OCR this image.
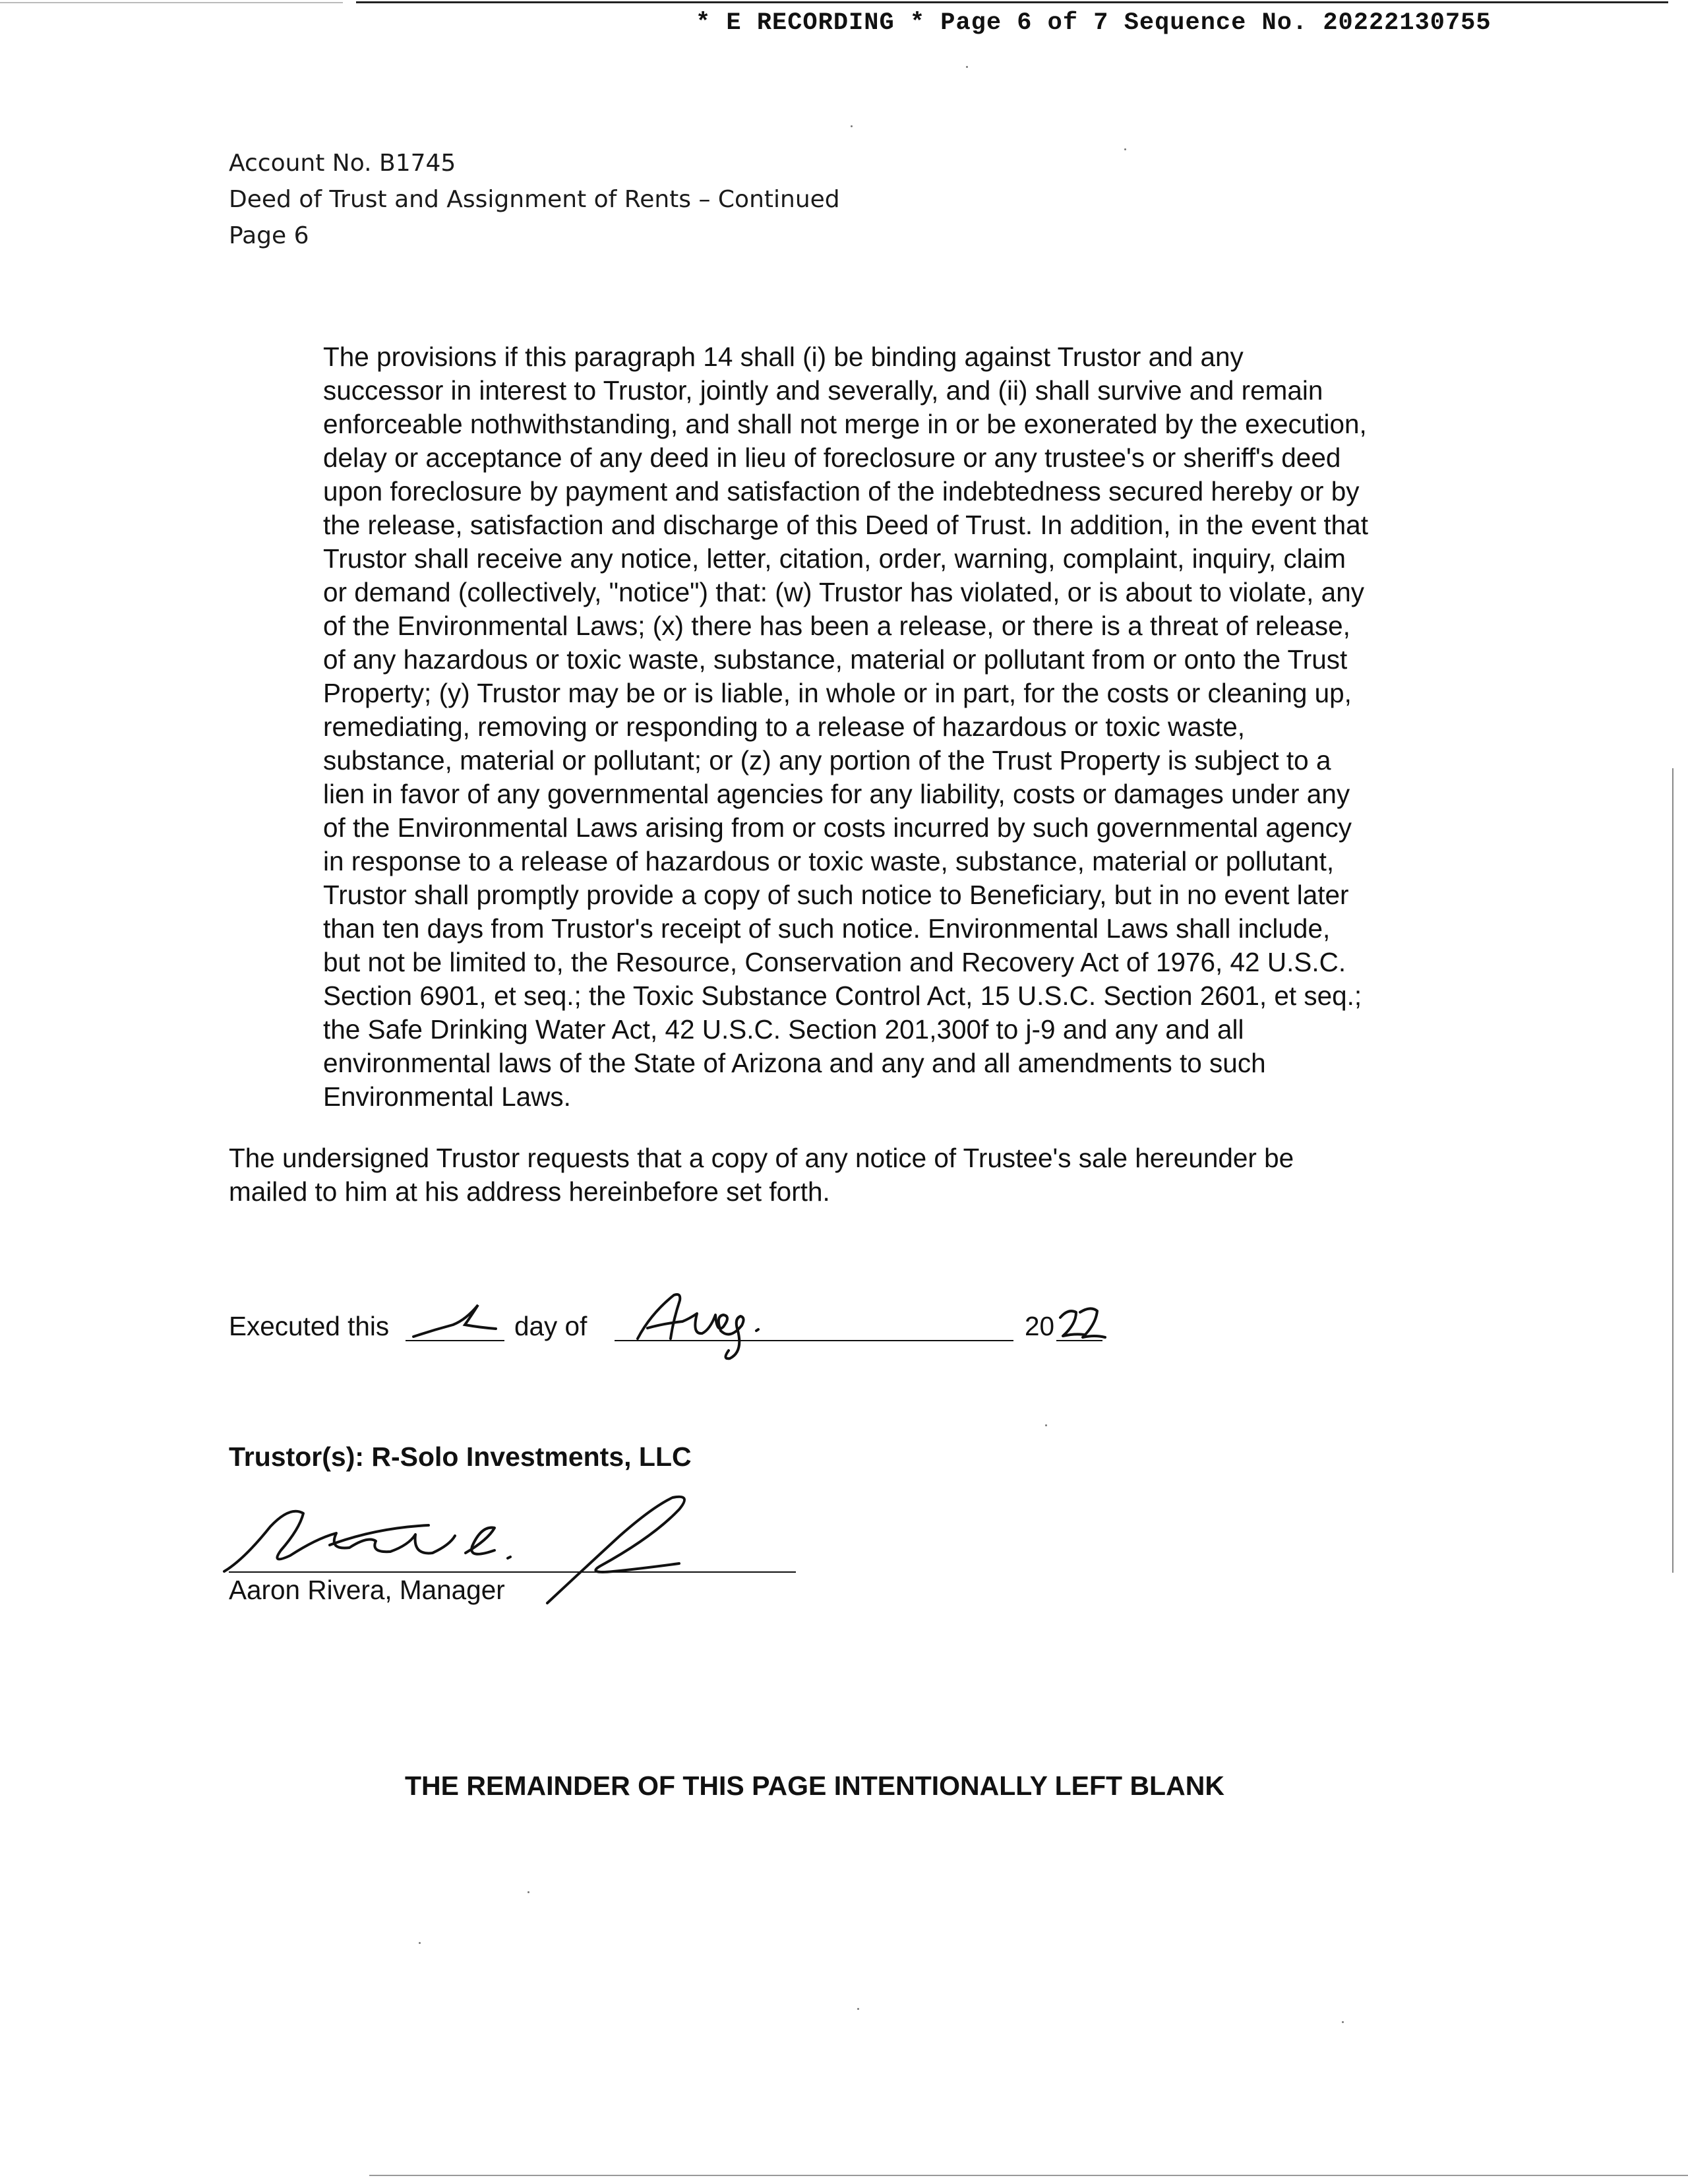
* E RECORDING * Page 6 of 7 Sequence No. 20222130755
Account No. B1745
Deed of Trust and Assignment of Rents – Continued
Page 6
The provisions if this paragraph 14 shall (i) be binding against Trustor and any
successor in interest to Trustor, jointly and severally, and (ii) shall survive and remain
enforceable nothwithstanding, and shall not merge in or be exonerated by the execution,
delay or acceptance of any deed in lieu of foreclosure or any trustee's or sheriff's deed
upon foreclosure by payment and satisfaction of the indebtedness secured hereby or by
the release, satisfaction and discharge of this Deed of Trust. In addition, in the event that
Trustor shall receive any notice, letter, citation, order, warning, complaint, inquiry, claim
or demand (collectively, "notice") that: (w) Trustor has violated, or is about to violate, any
of the Environmental Laws; (x) there has been a release, or there is a threat of release,
of any hazardous or toxic waste, substance, material or pollutant from or onto the Trust
Property; (y) Trustor may be or is liable, in whole or in part, for the costs or cleaning up,
remediating, removing or responding to a release of hazardous or toxic waste,
substance, material or pollutant; or (z) any portion of the Trust Property is subject to a
lien in favor of any governmental agencies for any liability, costs or damages under any
of the Environmental Laws arising from or costs incurred by such governmental agency
in response to a release of hazardous or toxic waste, substance, material or pollutant,
Trustor shall promptly provide a copy of such notice to Beneficiary, but in no event later
than ten days from Trustor's receipt of such notice. Environmental Laws shall include,
but not be limited to, the Resource, Conservation and Recovery Act of 1976, 42 U.S.C.
Section 6901, et seq.; the Toxic Substance Control Act, 15 U.S.C. Section 2601, et seq.;
the Safe Drinking Water Act, 42 U.S.C. Section 201,300f to j-9 and any and all
environmental laws of the State of Arizona and any and all amendments to such
Environmental Laws.
The undersigned Trustor requests that a copy of any notice of Trustee's sale hereunder be
mailed to him at his address hereinbefore set forth.
Executed this	day of	20
Trustor(s): R-Solo Investments, LLC
Aaron Rivera, Manager
THE REMAINDER OF THIS PAGE INTENTIONALLY LEFT BLANK
